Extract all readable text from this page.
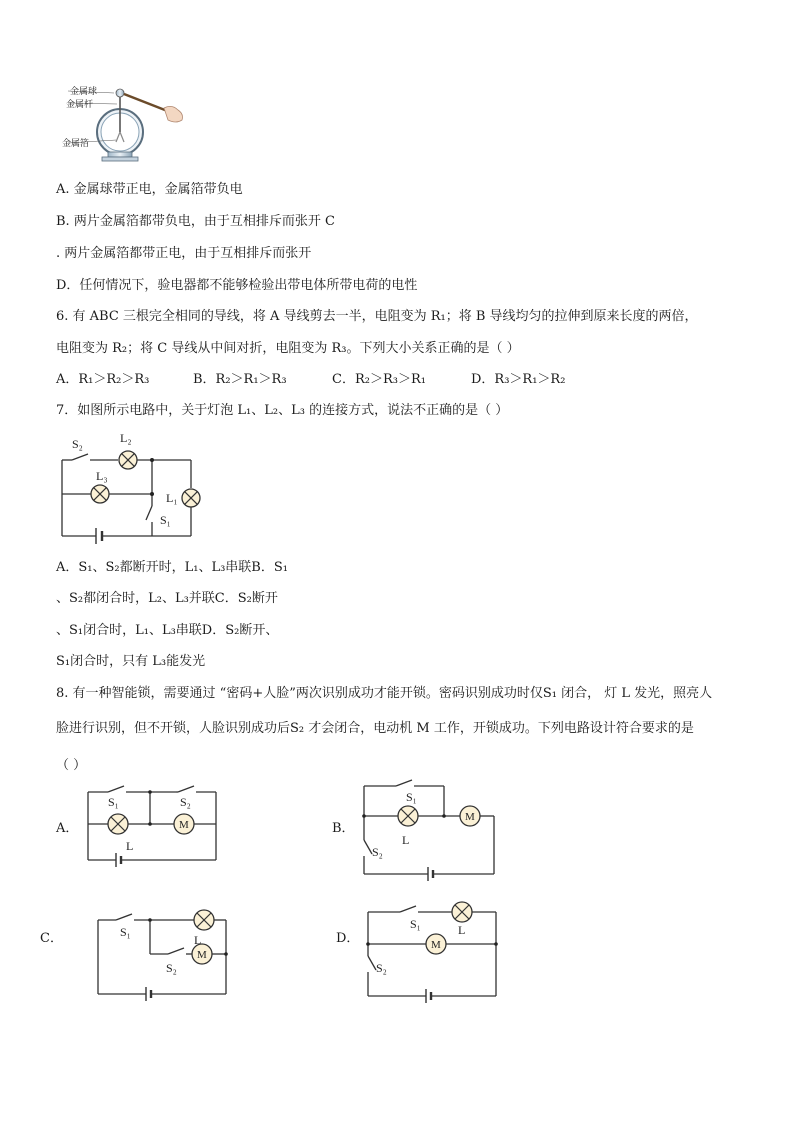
金属球
金属杆
金属箔
A. 金属球带正电，金属箔带负电
B. 两片金属箔都带负电，由于互相排斥而张开 C
. 两片金属箔都带正电，由于互相排斥而张开
D．任何情况下，验电器都不能够检验出带电体所带电荷的电性
6. 有 ABC 三根完全相同的导线，将 A 导线剪去一半，电阻变为 R₁；将 B 导线均匀的拉伸到原来长度的两倍，
电阻变为 R₂；将 C 导线从中间对折，电阻变为 R₃。下列大小关系正确的是（ ）
A．R₁＞R₂＞R₃	B．R₂＞R₁＞R₃	C．R₂＞R₃＞R₁	D．R₃＞R₁＞R₂
7．如图所示电路中，关于灯泡 L₁、L₂、L₃ 的连接方式，说法不正确的是（ ）
S₂	L₂
L₃
L₁
S₁
A．S₁、S₂都断开时，L₁、L₃串联B．S₁
、S₂都闭合时，L₂、L₃并联C．S₂断开
、S₁闭合时，L₁、L₃串联D．S₂断开、
S₁闭合时，只有 L₃能发光
8. 有一种智能锁，需要通过 “密码+人脸”两次识别成功才能开锁。密码识别成功时仅S₁ 闭合， 灯 L 发光，照亮人
脸进行识别，但不开锁，人脸识别成功后S₂ 才会闭合，电动机 M 工作，开锁成功。下列电路设计符合要求的是
（ ）
A．
S₁	S₂
M
L
B．
S₁
L
M
S₂
C．	S₁
L
S₂
M
D．
S₁	L
M
S₂
